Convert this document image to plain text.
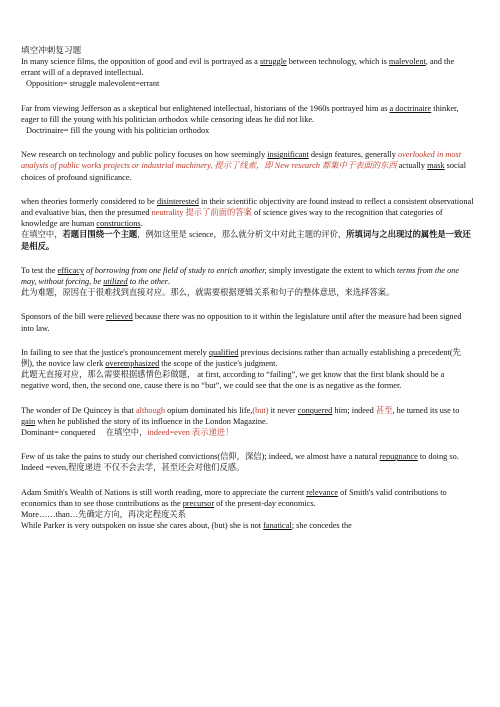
填空冲刺复习题

In many science films, the opposition of good and evil is portrayed as a struggle between technology, which is malevolent, and the errant will of a depraved intellectual.
Opposition= struggle malevolent=errant

Far from viewing Jefferson as a skeptical but enlightened intellectual, historians of the 1960s portrayed him as a doctrinaire thinker, eager to fill the young with his politician orthodox while censoring ideas he did not like.
Doctrinaire= fill the young with his politician orthodox

New research on technology and public policy focuses on how seemingly insignificant design features, generally overlooked in most analysis of public works projects or industrial machinery, 提示了线索，即 New research 都集中于表面的东西 actually mask social choices of profound significance.

when theories formerly considered to be disinterested in their scientific objectivity are found instead to reflect a consistent observational and evaluative bias, then the presumed neutrality 提示了前面的答案 of science gives way to the recognition that categories of knowledge are human constructions.
在填空中，若题目围绕一个主题，例如这里是 science，那么就分析文中对此主题的评价，所填词与之出现过的属性是一致还是相反。

To test the efficacy of borrowing from one field of study to enrich another, simply investigate the extent to which terms from the one may, without forcing, be utilized to the other.
此为难题，原因在于很难找到直接对应。那么，就需要根据逻辑关系和句子的整体意思，来选择答案。

Sponsors of the bill were relieved because there was no opposition to it within the legislature until after the measure had been signed into law.

In failing to see that the justice's pronouncement merely qualified previous decisions rather than actually establishing a precedent(先例), the novice law clerk overemphasized the scope of the justice's judgment.
此题无直接对应，那么需要根据感情色彩做题， at first, according to “failing”, we get know that the first blank should be a negative word, then, the second one, cause there is no “but”, we could see that the one is as negative as the former.

The wonder of De Quincey is that although opium dominated his life,(but) it never conquered him; indeed 甚至, he turned its use to gain when he published the story of its influence in the London Magazine.
Dominant= conquered 在填空中，indeed=even 表示递进！

Few of us take the pains to study our cherished convictions(信仰，深信); indeed, we almost have a natural repugnance to doing so.
Indeed =even,程度递进 不仅不会去学，甚至还会对他们反感。

Adam Smith's Wealth of Nations is still worth reading, more to appreciate the current relevance of Smith's valid contributions to economics than to see those contributions as the precursor of the present-day economics.
More……than…先确定方向，再决定程度关系
While Parker is very outspoken on issue she cares about, (but) she is not fanatical; she concedes the
